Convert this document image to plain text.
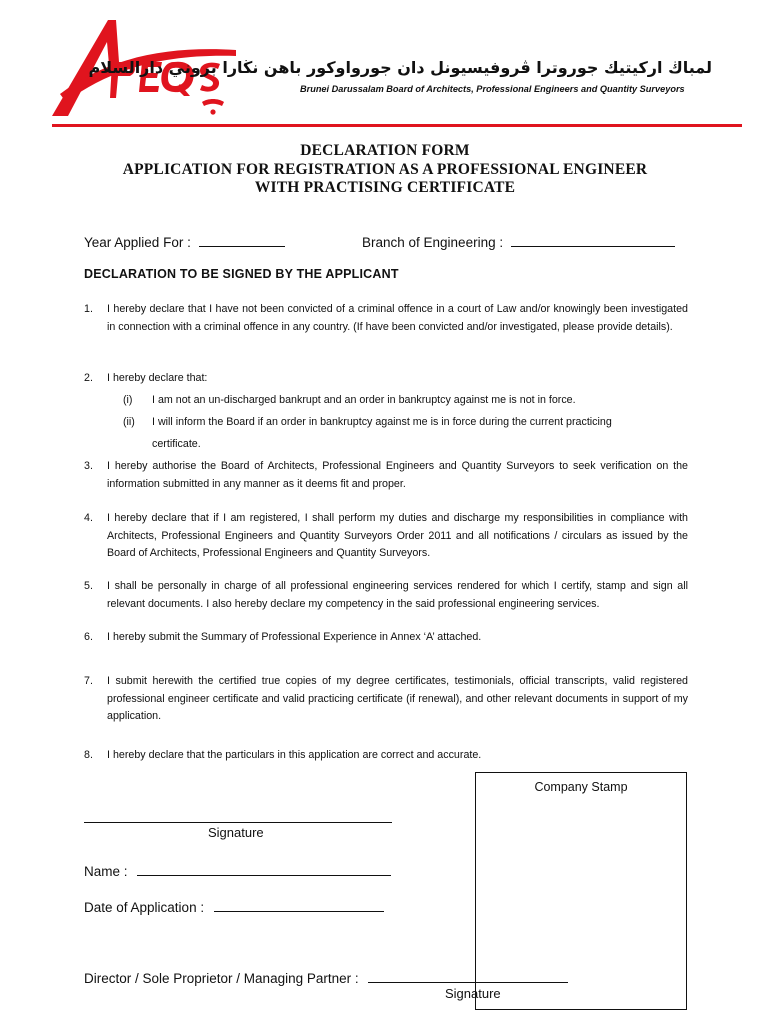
APEQS
لمباڬ اركيتيك جوروترا ڤروفيسيونل دان جورواوكور باهن نڬارا بروني دارالسلام
Brunei Darussalam Board of Architects, Professional Engineers and Quantity Surveyors
DECLARATION FORM
APPLICATION FOR REGISTRATION AS A PROFESSIONAL ENGINEER
WITH PRACTISING CERTIFICATE
Year Applied For :	Branch of Engineering :
DECLARATION TO BE SIGNED BY THE APPLICANT
1. I hereby declare that I have not been convicted of a criminal offence in a court of Law and/or knowingly been investigated in connection with a criminal offence in any country. (If have been convicted and/or investigated, please provide details).
2. I hereby declare that:
(i) I am not an un-discharged bankrupt and an order in bankruptcy against me is not in force.
(ii) I will inform the Board if an order in bankruptcy against me is in force during the current practicing
certificate.
3. I hereby authorise the Board of Architects, Professional Engineers and Quantity Surveyors to seek verification on the information submitted in any manner as it deems fit and proper.
4. I hereby declare that if I am registered, I shall perform my duties and discharge my responsibilities in compliance with Architects, Professional Engineers and Quantity Surveyors Order 2011 and all notifications / circulars as issued by the Board of Architects, Professional Engineers and Quantity Surveyors.
5. I shall be personally in charge of all professional engineering services rendered for which I certify, stamp and sign all relevant documents. I also hereby declare my competency in the said professional engineering services.
6. I hereby submit the Summary of Professional Experience in Annex ‘A’ attached.
7. I submit herewith the certified true copies of my degree certificates, testimonials, official transcripts, valid registered professional engineer certificate and valid practicing certificate (if renewal), and other relevant documents in support of my application.
8. I hereby declare that the particulars in this application are correct and accurate.
Company Stamp
Signature
Name :
Date of Application :
Director / Sole Proprietor / Managing Partner :
Signature
